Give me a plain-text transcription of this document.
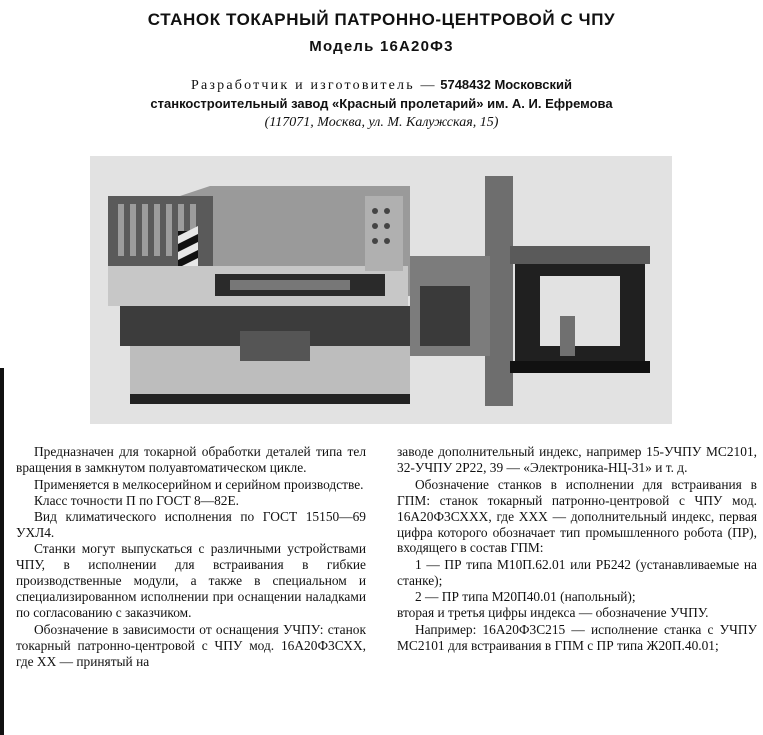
СТАНОК ТОКАРНЫЙ ПАТРОННО-ЦЕНТРОВОЙ С ЧПУ
Модель 16А20Ф3
Разработчик и изготовитель — 5748432 Московский
станкостроительный завод «Красный пролетарий» им. А. И. Ефремова
(117071, Москва, ул. М. Калужская, 15)

Предназначен для токарной обработки деталей типа тел вращения в замкнутом полуавтоматическом цикле.

Применяется в мелкосерийном и серийном производстве.

Класс точности П по ГОСТ 8—82Е.

Вид климатического исполнения по ГОСТ 15150—69 УХЛ4.

Станки могут выпускаться с различными устройствами ЧПУ, в исполнении для встраивания в гибкие производственные модули, а также в специальном и специализированном исполнении при оснащении наладками по согласованию с заказчиком.

Обозначение в зависимости от оснащения УЧПУ: станок токарный патронно-центровой с ЧПУ мод. 16А20Ф3СХХ, где ХХ — принятый на

заводе дополнительный индекс, например 15-УЧПУ МС2101, 32-УЧПУ 2Р22, 39 — «Электроника-НЦ-31» и т. д.

Обозначение станков в исполнении для встраивания в ГПМ: станок токарный патронно-центровой с ЧПУ мод. 16А20Ф3СХХХ, где ХХХ — дополнительный индекс, первая цифра которого обозначает тип промышленного робота (ПР), входящего в состав ГПМ:

1 — ПР типа М10П.62.01 или РБ242 (устанавливаемые на станке);

2 — ПР типа М20П40.01 (напольный);

вторая и третья цифры индекса — обозначение УЧПУ.

Например: 16А20Ф3С215 — исполнение станка с УЧПУ МС2101 для встраивания в ГПМ с ПР типа Ж20П.40.01;
